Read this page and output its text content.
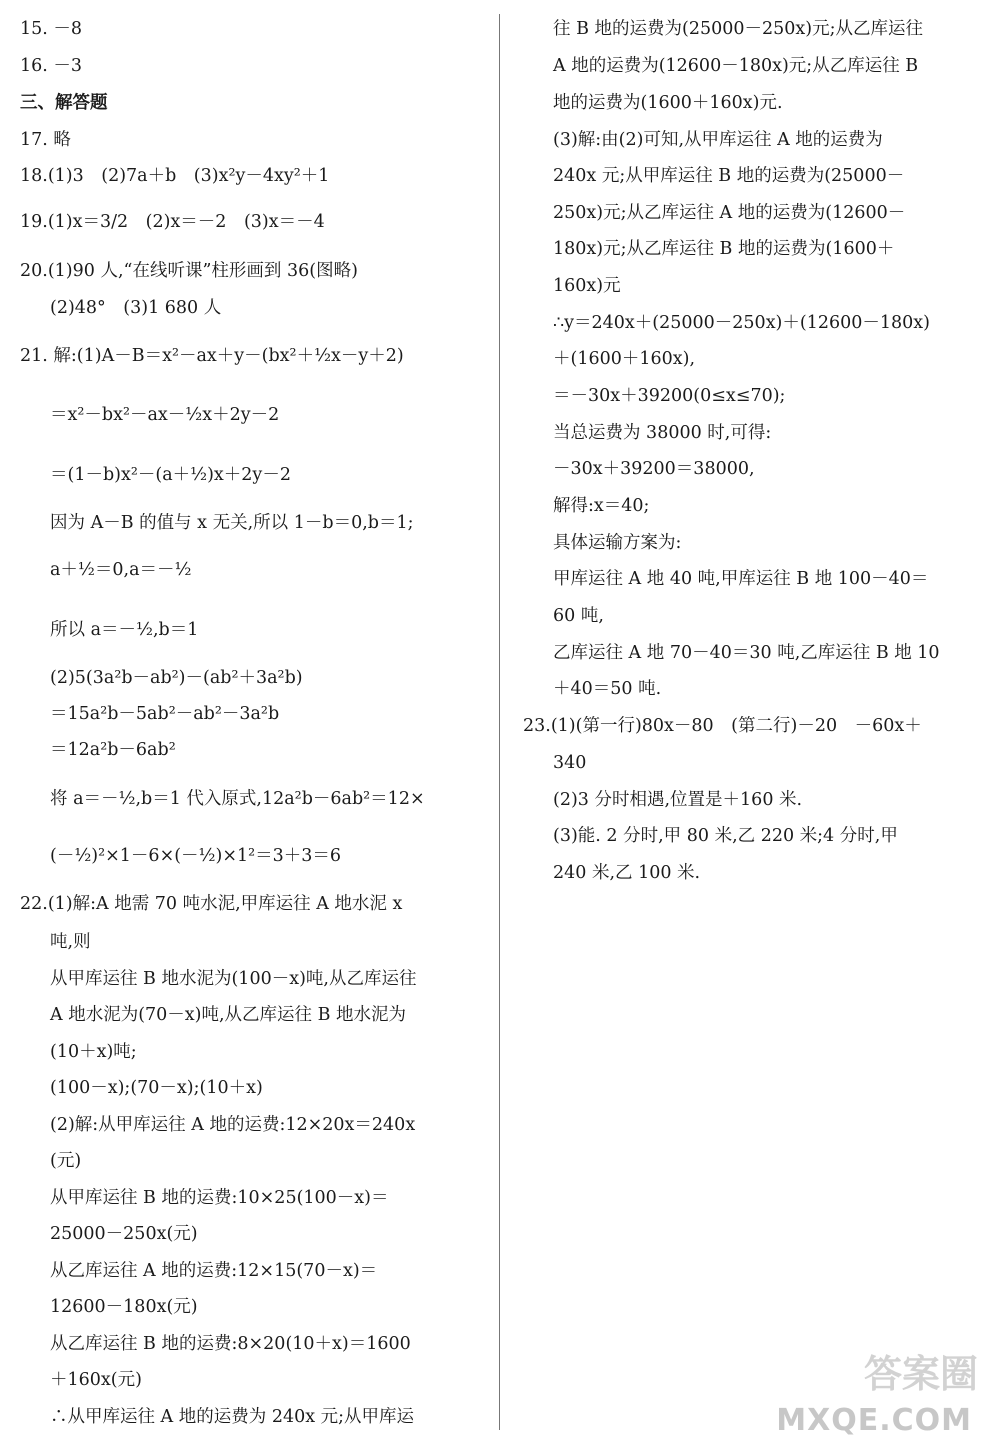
15. －8
16. －3
三、解答题
17. 略
18.(1)3　(2)7a＋b　(3)x²y－4xy²＋1
19.(1)x＝3/2　(2)x＝－2　(3)x＝－4
20.(1)90 人,“在线听课”柱形画到 36(图略)
(2)48°　(3)1 680 人
21. 解:(1)A－B＝x²－ax＋y－(bx²＋½x－y＋2)
＝x²－bx²－ax－½x＋2y－2
＝(1－b)x²－(a＋½)x＋2y－2
因为 A－B 的值与 x 无关,所以 1－b＝0,b＝1;
a＋½＝0,a＝－½
所以 a＝－½,b＝1
(2)5(3a²b－ab²)－(ab²＋3a²b)
＝15a²b－5ab²－ab²－3a²b
＝12a²b－6ab²
将 a＝－½,b＝1 代入原式,12a²b－6ab²＝12×
(－½)²×1－6×(－½)×1²＝3＋3＝6
22.(1)解:A 地需 70 吨水泥,甲库运往 A 地水泥 x
吨,则
从甲库运往 B 地水泥为(100－x)吨,从乙库运往
A 地水泥为(70－x)吨,从乙库运往 B 地水泥为
(10＋x)吨;
(100－x);(70－x);(10＋x)
(2)解:从甲库运往 A 地的运费:12×20x＝240x
(元)
从甲库运往 B 地的运费:10×25(100－x)＝
25000－250x(元)
从乙库运往 A 地的运费:12×15(70－x)＝
12600－180x(元)
从乙库运往 B 地的运费:8×20(10＋x)＝1600
＋160x(元)
∴从甲库运往 A 地的运费为 240x 元;从甲库运
往 B 地的运费为(25000－250x)元;从乙库运往
A 地的运费为(12600－180x)元;从乙库运往 B
地的运费为(1600＋160x)元.
(3)解:由(2)可知,从甲库运往 A 地的运费为
240x 元;从甲库运往 B 地的运费为(25000－
250x)元;从乙库运往 A 地的运费为(12600－
180x)元;从乙库运往 B 地的运费为(1600＋
160x)元
∴y＝240x＋(25000－250x)＋(12600－180x)
＋(1600＋160x),
＝－30x＋39200(0≤x≤70);
当总运费为 38000 时,可得:
－30x＋39200＝38000,
解得:x＝40;
具体运输方案为:
甲库运往 A 地 40 吨,甲库运往 B 地 100－40＝
60 吨,
乙库运往 A 地 70－40＝30 吨,乙库运往 B 地 10
＋40＝50 吨.
23.(1)(第一行)80x－80　(第二行)－20　－60x＋
340
(2)3 分时相遇,位置是＋160 米.
(3)能. 2 分时,甲 80 米,乙 220 米;4 分时,甲
240 米,乙 100 米.
答案圈
MXQE.COM
